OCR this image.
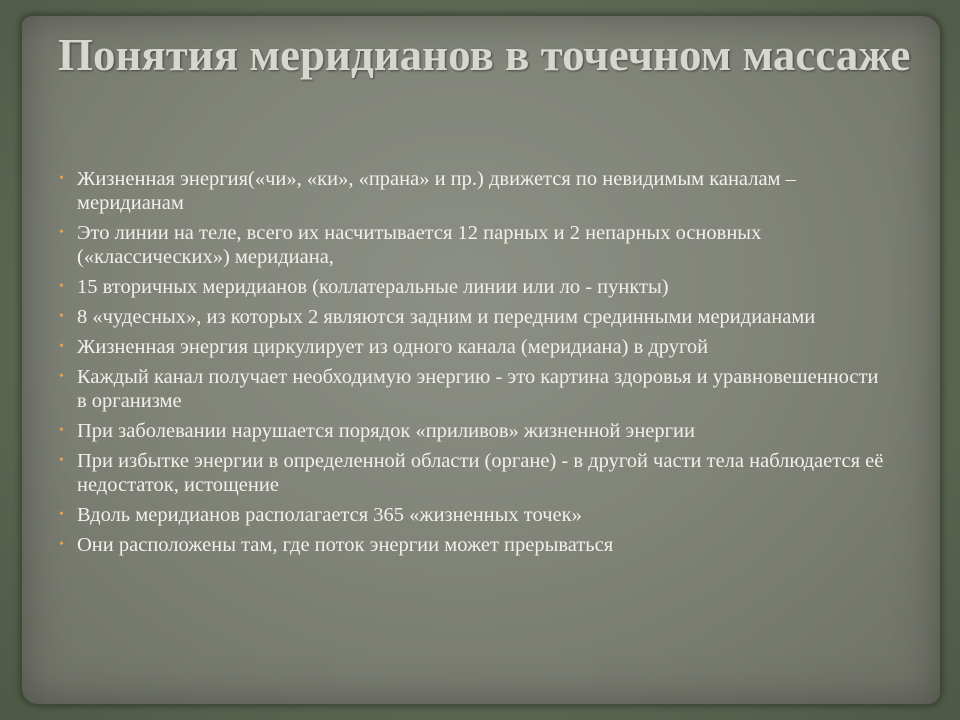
Понятия меридианов в точечном массаже
• Жизненная энергия(«чи», «ки», «прана» и пр.) движется по невидимым каналам – меридианам
• Это линии на теле, всего их насчитывается 12 парных и 2 непарных основных («классических») меридиана,
• 15 вторичных меридианов (коллатеральные линии или ло - пункты)
• 8 «чудесных», из которых 2 являются задним и передним срединными меридианами
• Жизненная энергия циркулирует из одного канала (меридиана) в другой
• Каждый канал получает необходимую энергию - это картина здоровья и уравновешенности в организме
• При заболевании нарушается порядок «приливов» жизненной энергии
• При избытке энергии в определенной области (органе) - в другой части тела наблюдается её недостаток, истощение
• Вдоль меридианов располагается 365 «жизненных точек»
• Они расположены там, где поток энергии может прерываться
